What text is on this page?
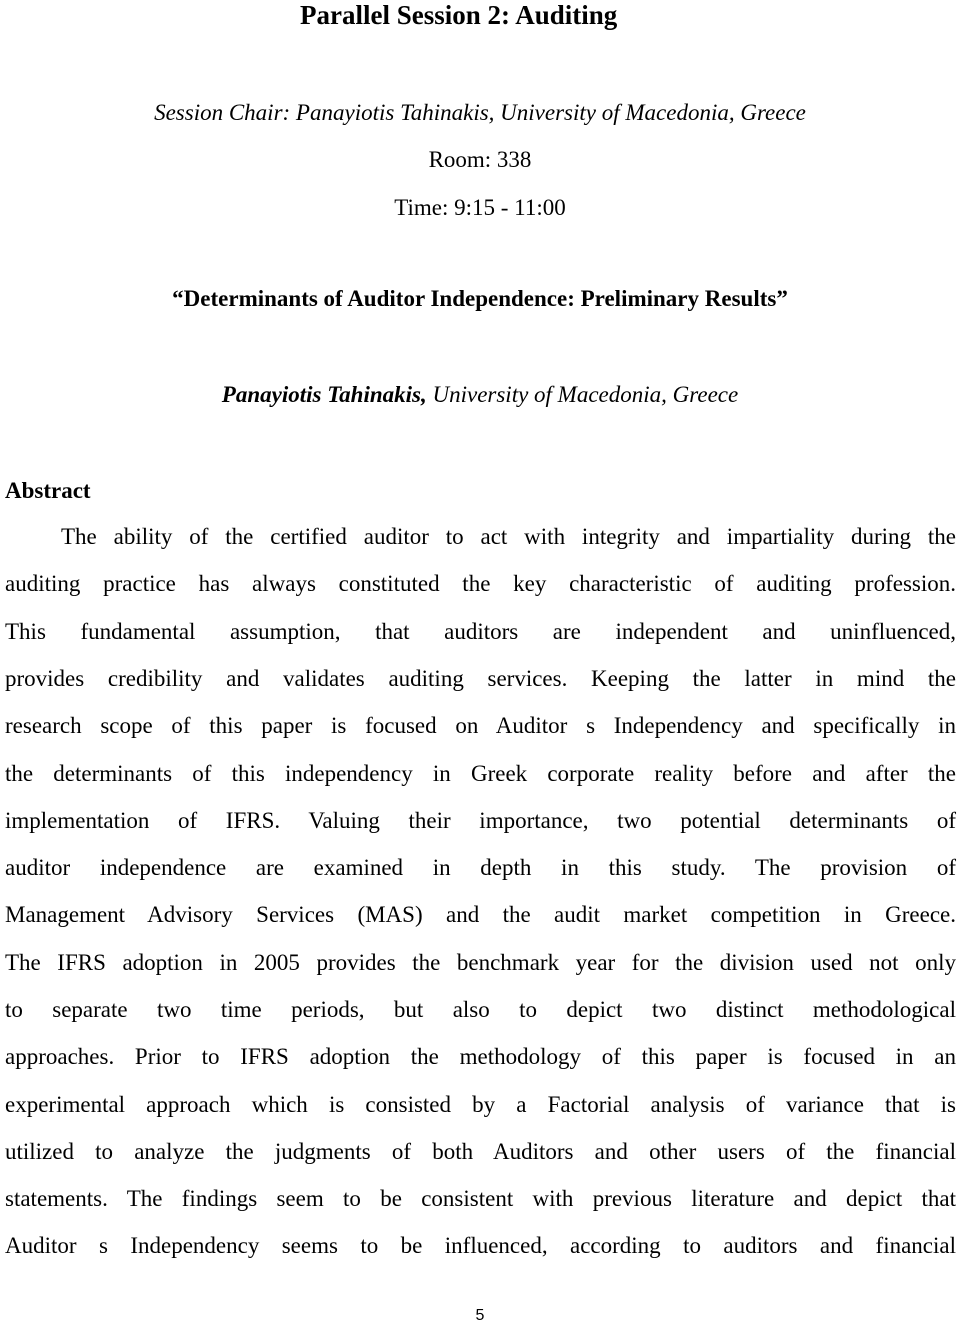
Parallel Session 2: Auditing
Session Chair: Panayiotis Tahinakis, University of Macedonia, Greece
Room: 338
Time: 9:15 - 11:00
“Determinants of Auditor Independence: Preliminary Results”
Panayiotis Tahinakis, University of Macedonia, Greece
Abstract
The ability of the certified auditor to act with integrity and impartiality during the
auditing practice has always constituted the key characteristic of auditing profession.
This fundamental assumption, that auditors are independent and uninfluenced,
provides credibility and validates auditing services. Keeping the latter in mind the
research scope of this paper is focused on Auditor s Independency and specifically in
the determinants of this independency in Greek corporate reality before and after the
implementation of IFRS. Valuing their importance, two potential determinants of
auditor independence are examined in depth in this study. The provision of
Management Advisory Services (MAS) and the audit market competition in Greece.
The IFRS adoption in 2005 provides the benchmark year for the division used not only
to separate two time periods, but also to depict two distinct methodological
approaches. Prior to IFRS adoption the methodology of this paper is focused in an
experimental approach which is consisted by a Factorial analysis of variance that is
utilized to analyze the judgments of both Auditors and other users of the financial
statements. The findings seem to be consistent with previous literature and depict that
Auditor s Independency seems to be influenced, according to auditors and financial
5
